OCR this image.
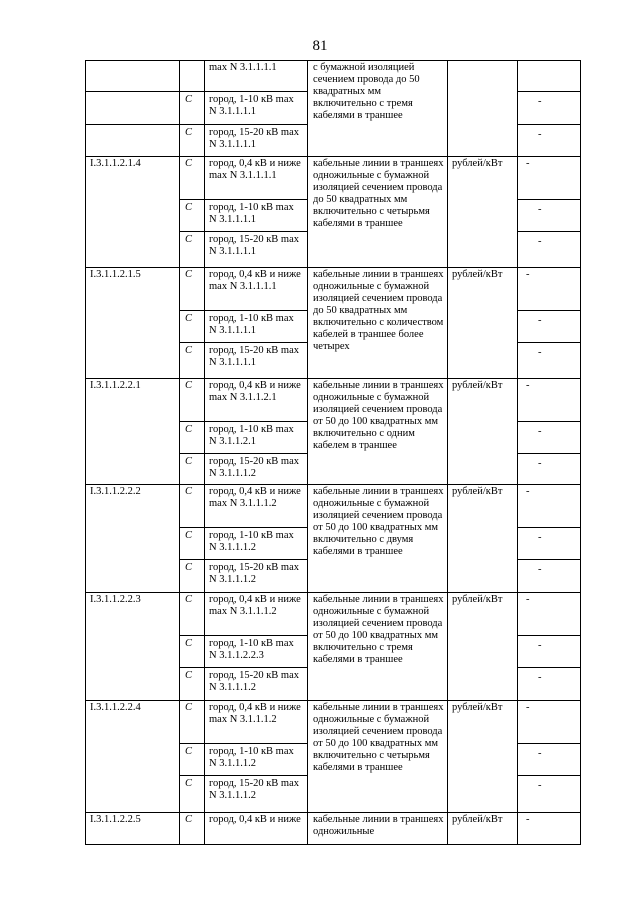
81

		max N 3.1.1.1.1	с бумажной изоляцией сечением провода до 50 квадратных мм включительно с тремя кабелями в траншее		

	C	город, 1-10 кВ max N 3.1.1.1.1			-
	C	город, 15-20 кВ max N 3.1.1.1.1			-
I.3.1.1.2.1.4	C	город, 0,4 кВ и ниже max N 3.1.1.1.1	кабельные линии в траншеях одножильные с бумажной изоляцией сечением провода до 50 квадратных мм включительно с четырьмя кабелями в траншее	рублей/кВт	-
	C	город, 1-10 кВ max N 3.1.1.1.1			-
	C	город, 15-20 кВ max N 3.1.1.1.1			-
I.3.1.1.2.1.5	C	город, 0,4 кВ и ниже max N 3.1.1.1.1	кабельные линии в траншеях одножильные с бумажной изоляцией сечением провода до 50 квадратных мм включительно с количеством кабелей в траншее более четырех	рублей/кВт	-
	C	город, 1-10 кВ max N 3.1.1.1.1			-
	C	город, 15-20 кВ max N 3.1.1.1.1			-
I.3.1.1.2.2.1	C	город, 0,4 кВ и ниже max N 3.1.1.2.1	кабельные линии в траншеях одножильные с бумажной изоляцией сечением провода от 50 до 100 квадратных мм включительно с одним кабелем в траншее	рублей/кВт	-
	C	город, 1-10 кВ max N 3.1.1.2.1			-
	C	город, 15-20 кВ max N 3.1.1.1.2			-
I.3.1.1.2.2.2	C	город, 0,4 кВ и ниже max N 3.1.1.1.2	кабельные линии в траншеях одножильные с бумажной изоляцией сечением провода от 50 до 100 квадратных мм включительно с двумя кабелями в траншее	рублей/кВт	-
	C	город, 1-10 кВ max N 3.1.1.1.2			-
	C	город, 15-20 кВ max N 3.1.1.1.2			-
I.3.1.1.2.2.3	C	город, 0,4 кВ и ниже max N 3.1.1.1.2	кабельные линии в траншеях одножильные с бумажной изоляцией сечением провода от 50 до 100 квадратных мм включительно с тремя кабелями в траншее	рублей/кВт	-
	C	город, 1-10 кВ max N 3.1.1.2.2.3			-
	C	город, 15-20 кВ max N 3.1.1.1.2			-
I.3.1.1.2.2.4	C	город, 0,4 кВ и ниже max N 3.1.1.1.2	кабельные линии в траншеях одножильные с бумажной изоляцией сечением провода от 50 до 100 квадратных мм включительно с четырьмя кабелями в траншее	рублей/кВт	-
	C	город, 1-10 кВ max N 3.1.1.1.2			-
	C	город, 15-20 кВ max N 3.1.1.1.2			-
I.3.1.1.2.2.5	C	город, 0,4 кВ и ниже	кабельные линии в траншеях одножильные	рублей/кВт	-
